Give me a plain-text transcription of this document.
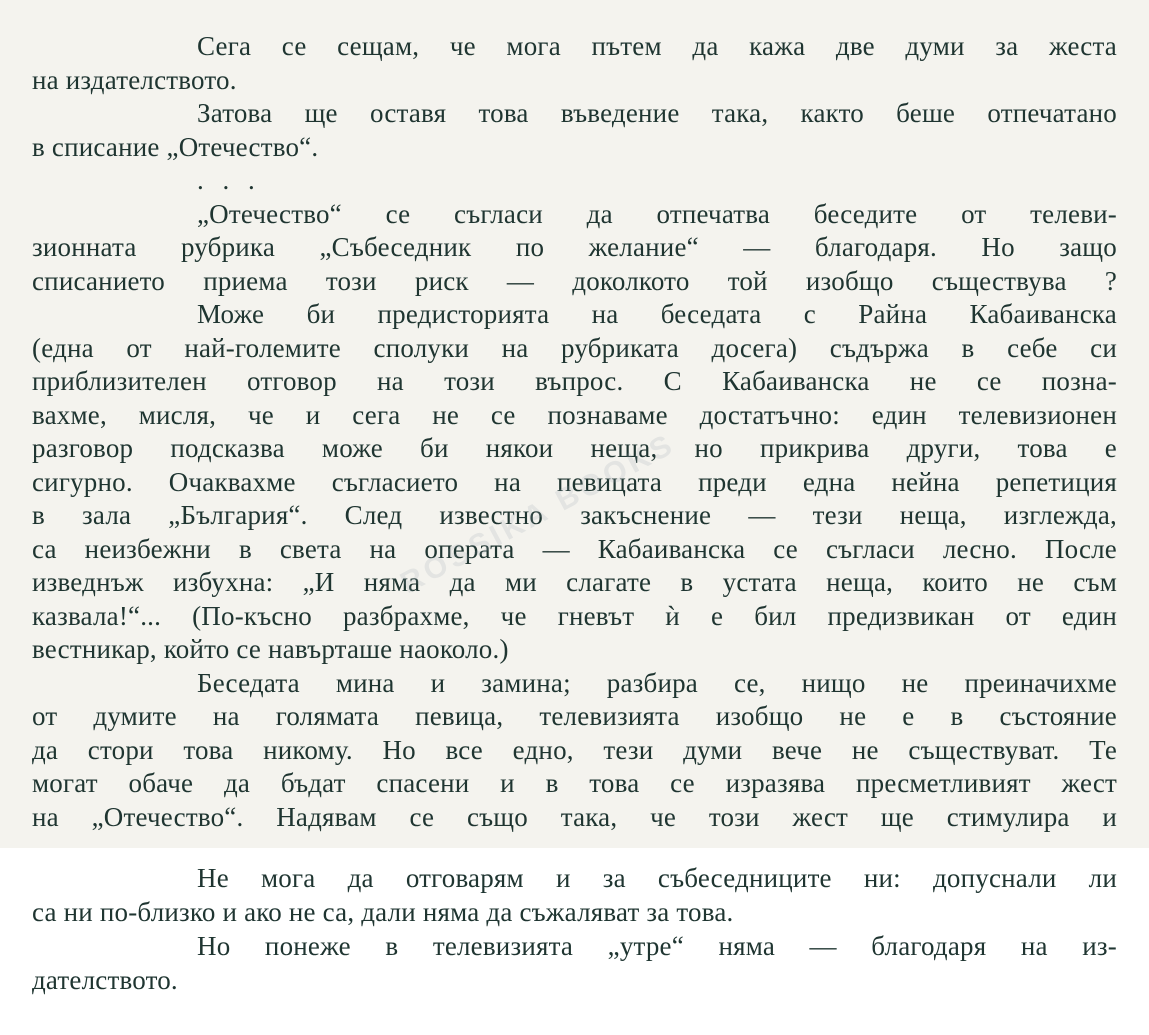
Сега се сещам, че мога пътем да кажа две думи за жеста
на издателството.
Затова ще оставя това въведение така, както беше отпечатано
в списание „Отечество“.
. . .
„Отечество“ се съгласи да отпечатва беседите от телеви-
зионната рубрика „Събеседник по желание“ — благодаря. Но защо
списанието приема този риск — доколкото той изобщо съществува ?
Може би предисторията на беседата с Райна Кабаиванска
(една от най-големите сполуки на рубриката досега) съдържа в себе си
приблизителен отговор на този въпрос. С Кабаиванска не се позна-
вахме, мисля, че и сега не се познаваме достатъчно: един телевизионен
разговор подсказва може би някои неща, но прикрива други, това е
сигурно. Очаквахме съгласието на певицата преди една нейна репетиция
в зала „България“. След известно закъснение — тези неща, изглежда,
са неизбежни в света на операта — Кабаиванска се съгласи лесно. После
изведнъж избухна: „И няма да ми слагате в устата неща, които не съм
казвала!“... (По-късно разбрахме, че гневът ѝ е бил предизвикан от един
вестникар, който се навърташе наоколо.)
Беседата мина и замина; разбира се, нищо не преиначихме
от думите на голямата певица, телевизията изобщо не е в състояние
да стори това никому. Но все едно, тези думи вече не съществуват. Те
могат обаче да бъдат спасени и в това се изразява пресметливият жест
на „Отечество“. Надявам се също така, че този жест ще стимулира и
Не мога да отговарям и за събеседниците ни: допуснали ли
са ни по-близко и ако не са, дали няма да съжаляват за това.
Но понеже в телевизията „утре“ няма — благодаря на из-
дателството.
